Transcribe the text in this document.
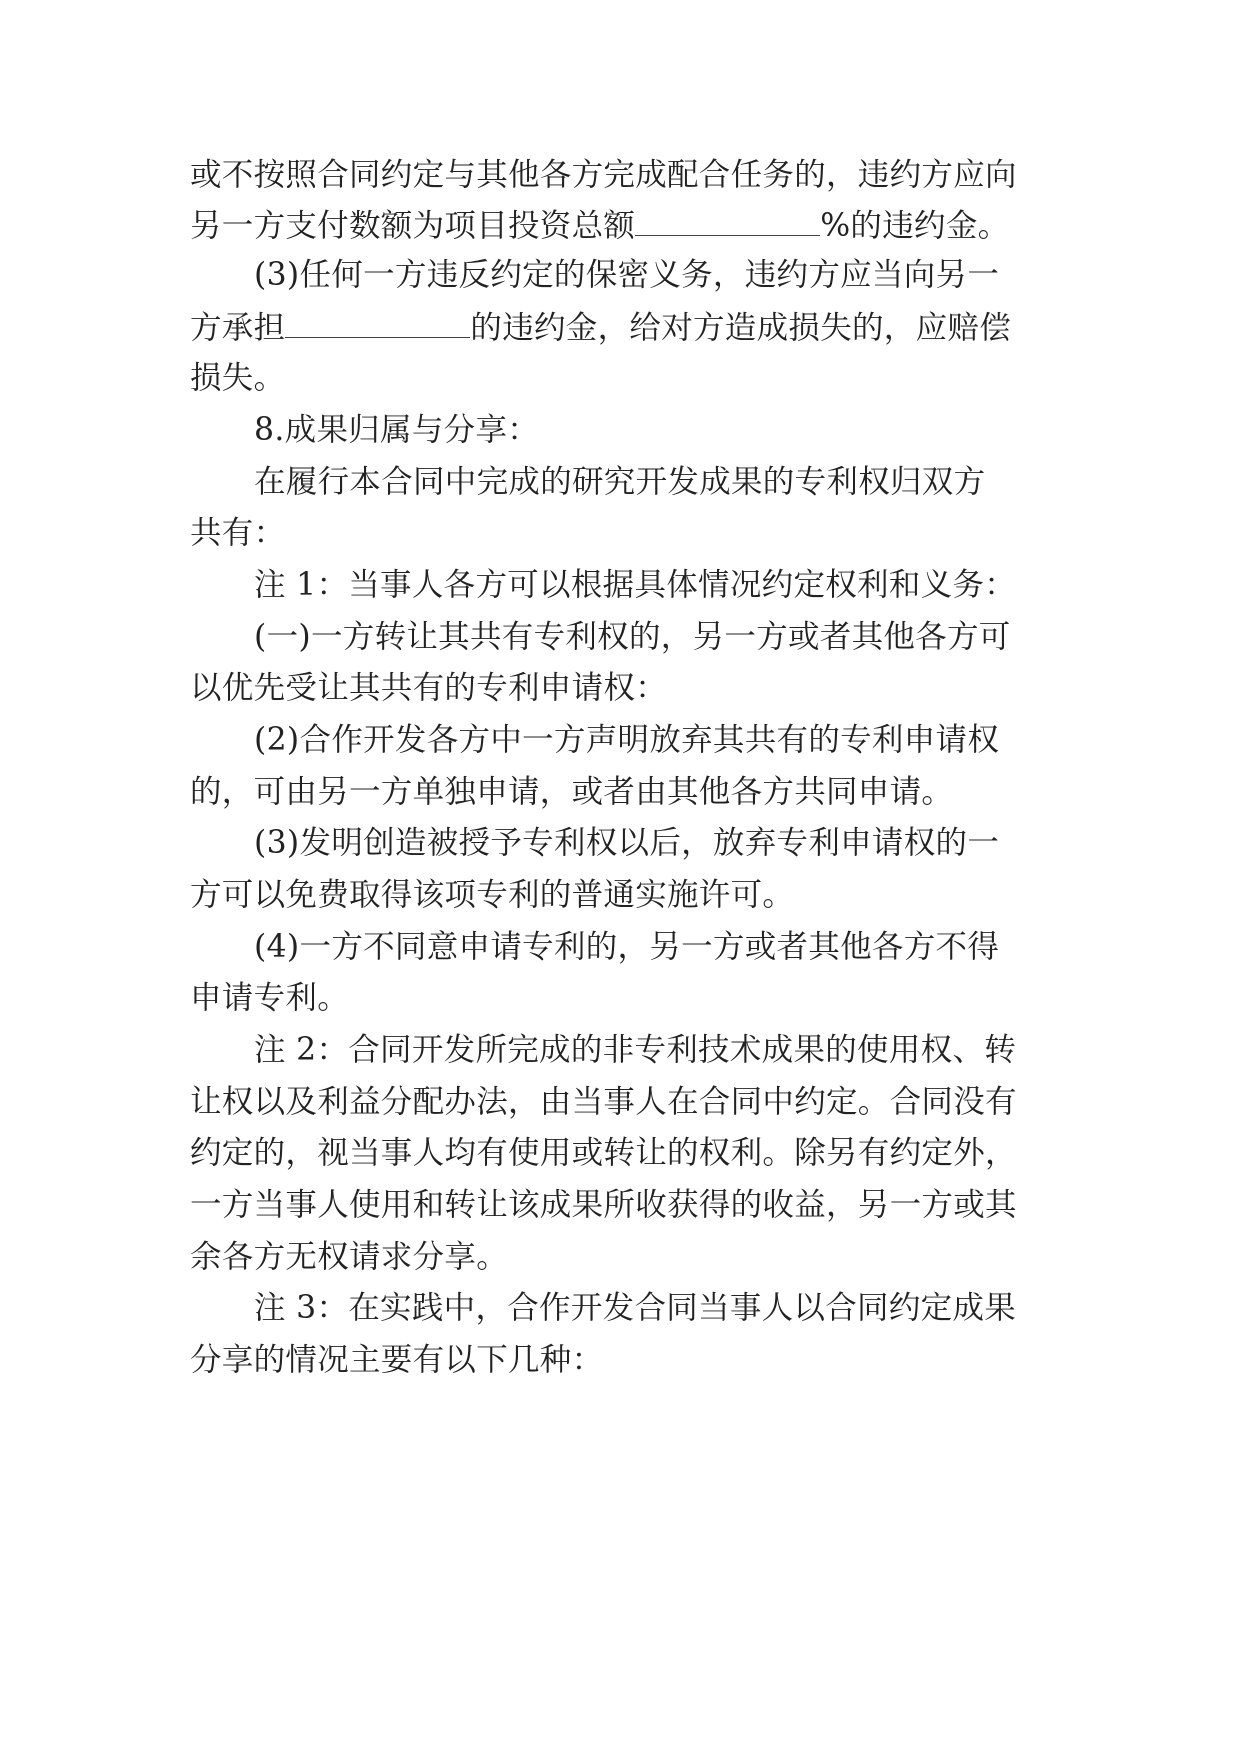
或不按照合同约定与其他各方完成配合任务的，违约方应向
另一方支付数额为项目投资总额	%的违约金。
(3)任何一方违反约定的保密义务，违约方应当向另一
方承担	的违约金，给对方造成损失的，应赔偿
损失。
8.成果归属与分享：
在履行本合同中完成的研究开发成果的专利权归双方
共有：
注 1：当事人各方可以根据具体情况约定权利和义务：
(一)一方转让其共有专利权的，另一方或者其他各方可
以优先受让其共有的专利申请权：
(2)合作开发各方中一方声明放弃其共有的专利申请权
的，可由另一方单独申请，或者由其他各方共同申请。
(3)发明创造被授予专利权以后，放弃专利申请权的一
方可以免费取得该项专利的普通实施许可。
(4)一方不同意申请专利的，另一方或者其他各方不得
申请专利。
注 2：合同开发所完成的非专利技术成果的使用权、转
让权以及利益分配办法，由当事人在合同中约定。合同没有
约定的，视当事人均有使用或转让的权利。除另有约定外，
一方当事人使用和转让该成果所收获得的收益，另一方或其
余各方无权请求分享。
注 3：在实践中，合作开发合同当事人以合同约定成果
分享的情况主要有以下几种：
